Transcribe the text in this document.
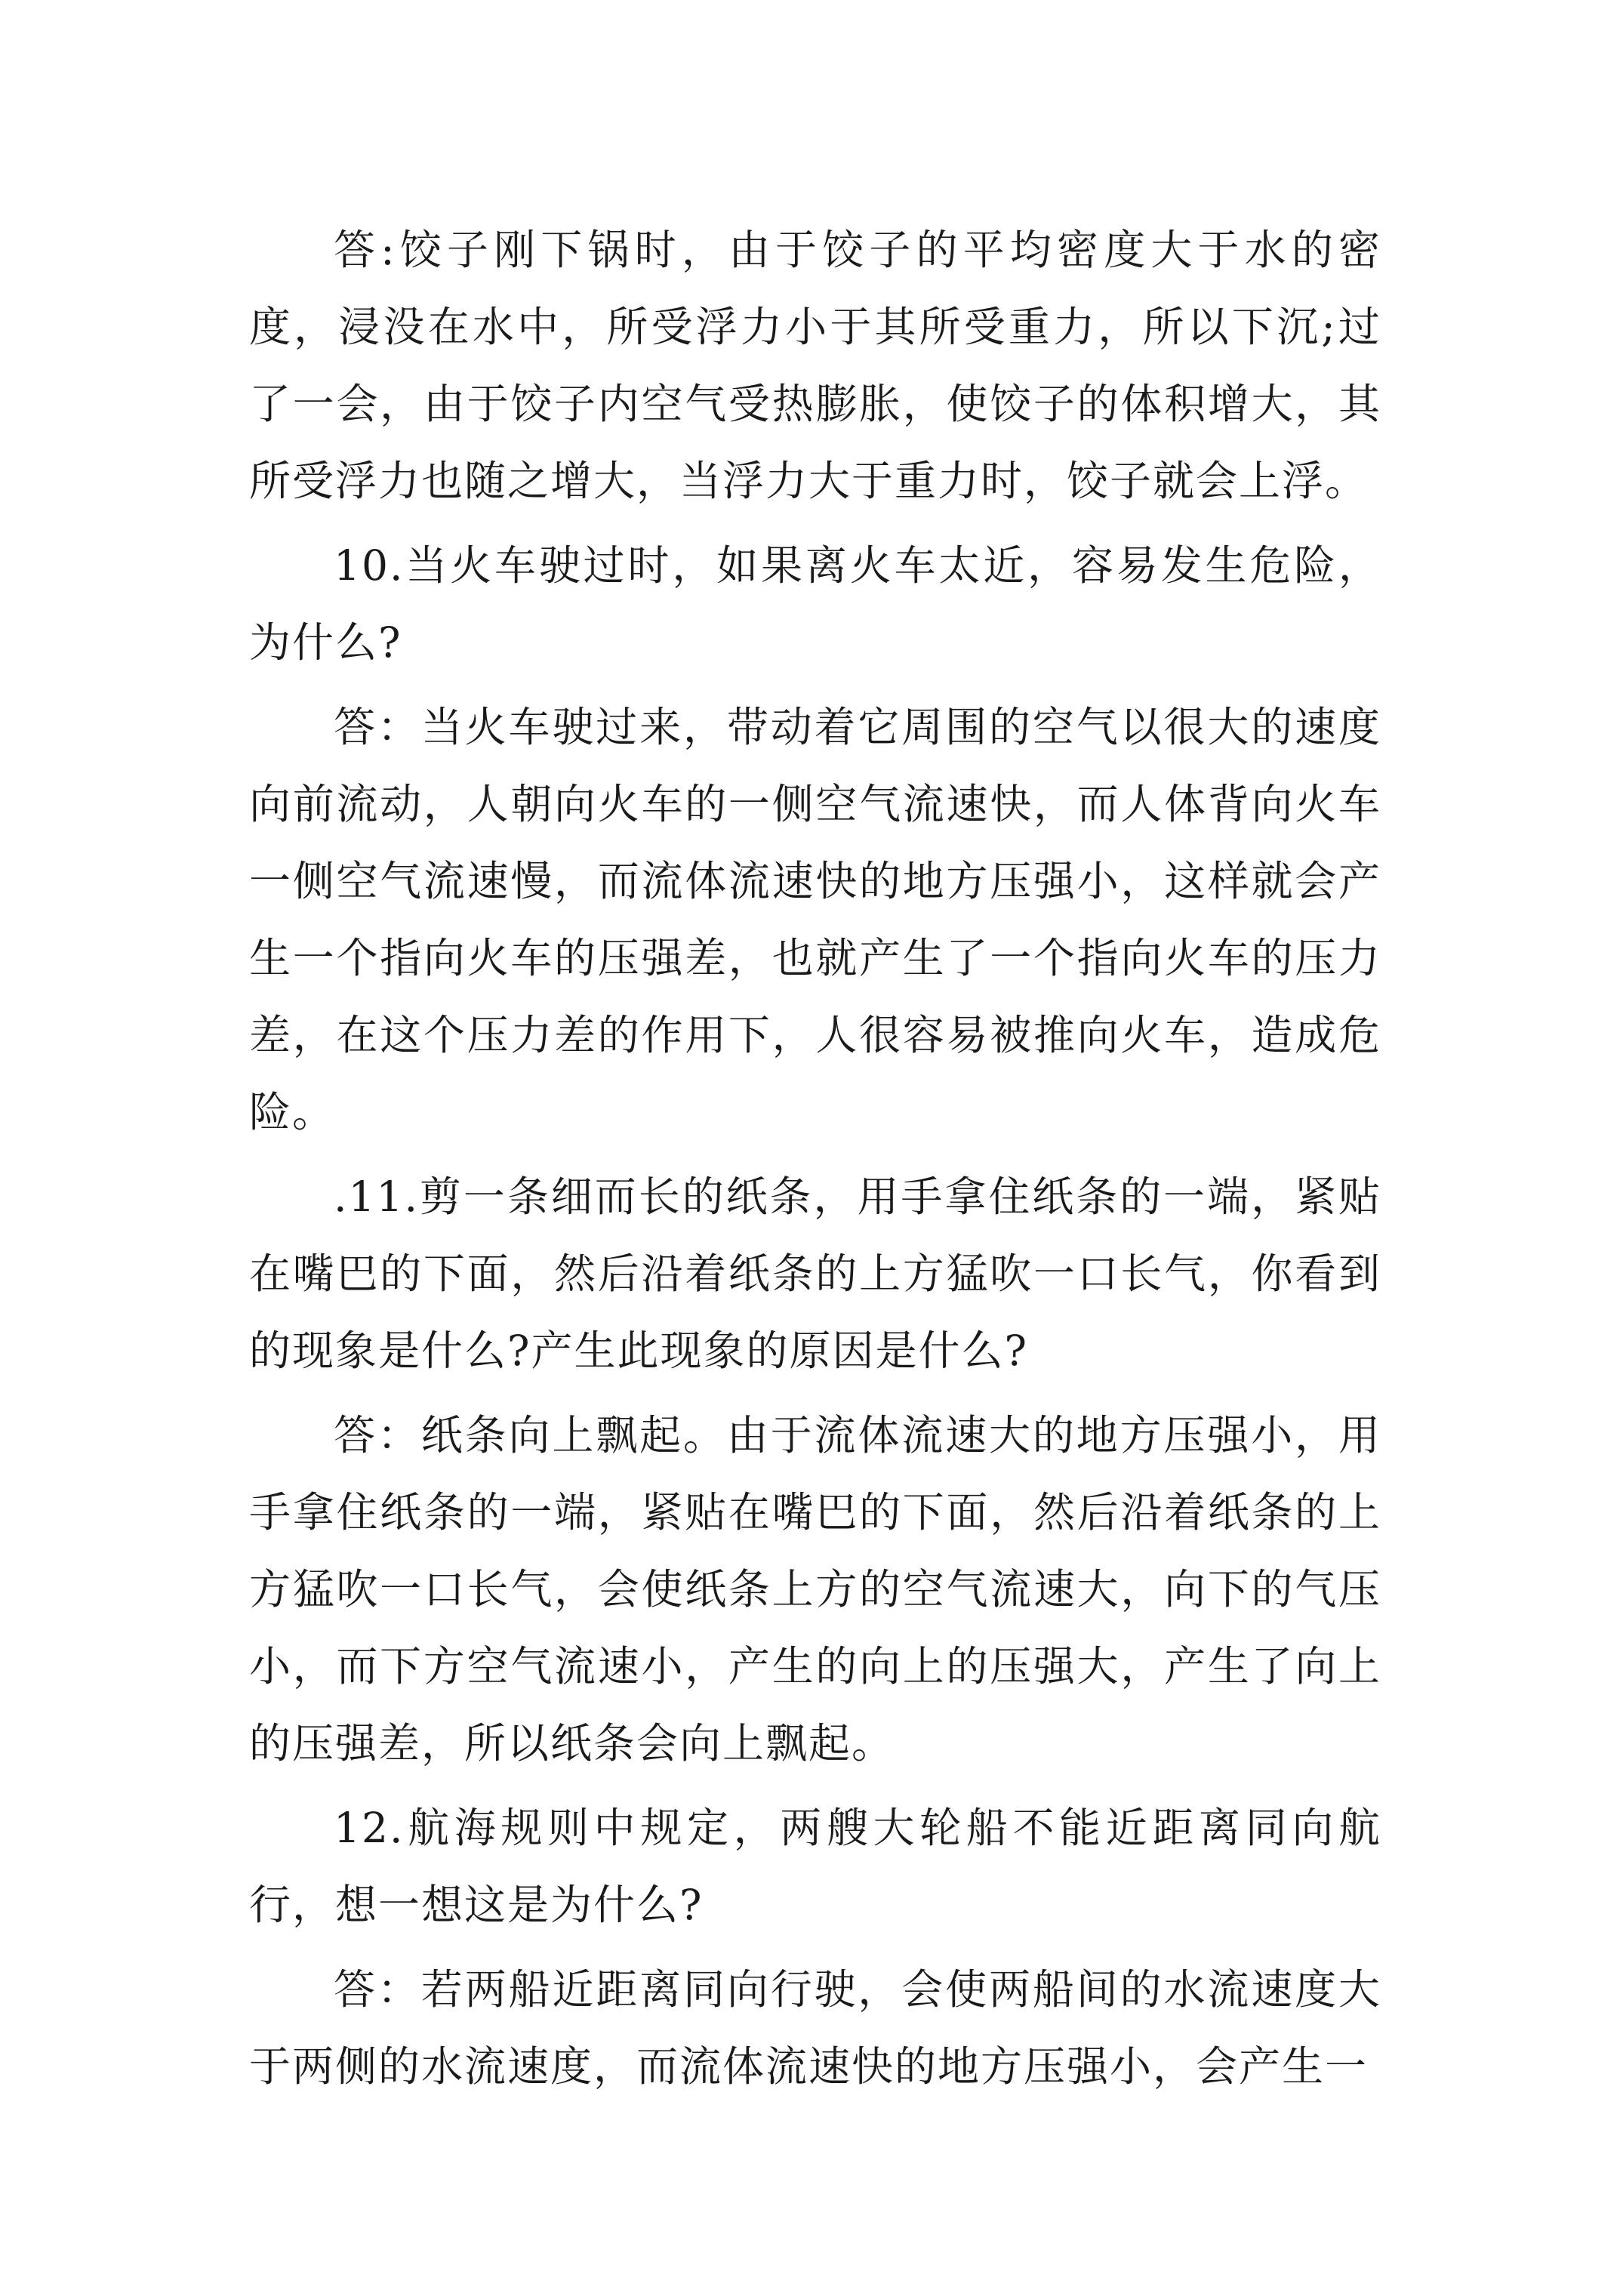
答:饺子刚下锅时，由于饺子的平均密度大于水的密度，浸没在水中，所受浮力小于其所受重力，所以下沉;过了一会，由于饺子内空气受热膨胀，使饺子的体积增大，其所受浮力也随之增大，当浮力大于重力时，饺子就会上浮。

10.当火车驶过时，如果离火车太近，容易发生危险，为什么?

答：当火车驶过来，带动着它周围的空气以很大的速度向前流动，人朝向火车的一侧空气流速快，而人体背向火车一侧空气流速慢，而流体流速快的地方压强小，这样就会产生一个指向火车的压强差，也就产生了一个指向火车的压力差，在这个压力差的作用下，人很容易被推向火车，造成危险。

.11.剪一条细而长的纸条，用手拿住纸条的一端，紧贴在嘴巴的下面，然后沿着纸条的上方猛吹一口长气，你看到的现象是什么?产生此现象的原因是什么?

答：纸条向上飘起。由于流体流速大的地方压强小，用手拿住纸条的一端，紧贴在嘴巴的下面，然后沿着纸条的上方猛吹一口长气，会使纸条上方的空气流速大，向下的气压小，而下方空气流速小，产生的向上的压强大，产生了向上的压强差，所以纸条会向上飘起。

12.航海规则中规定，两艘大轮船不能近距离同向航行，想一想这是为什么?

答：若两船近距离同向行驶，会使两船间的水流速度大于两侧的水流速度，而流体流速快的地方压强小，会产生一
